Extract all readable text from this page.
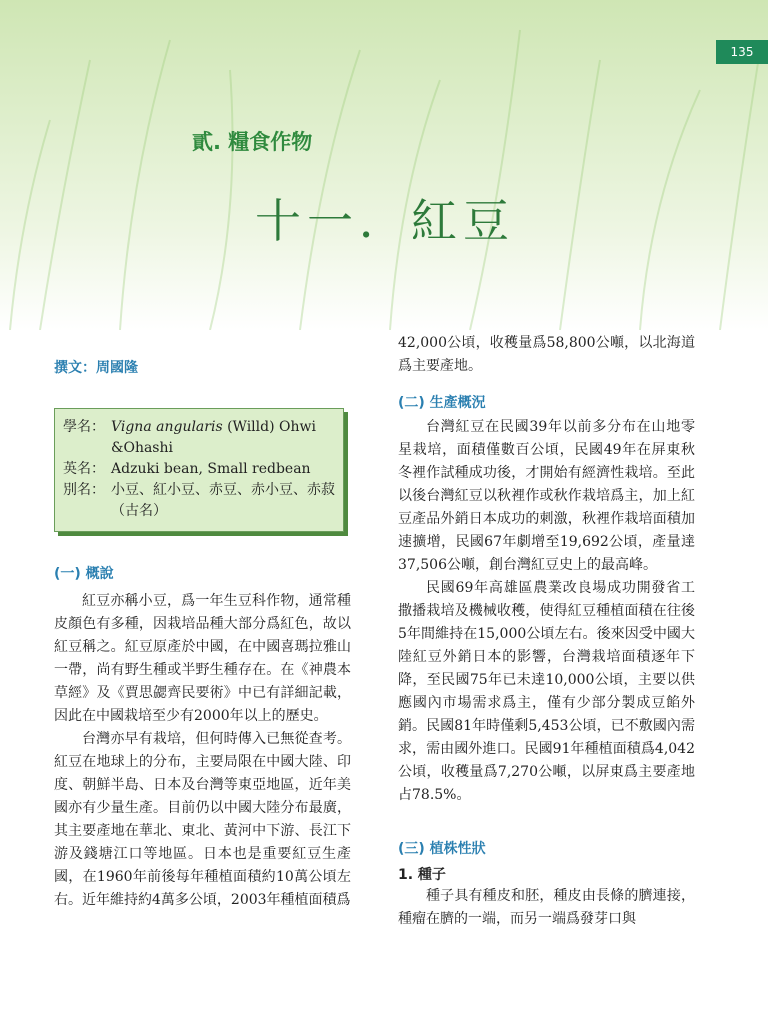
135
貳. 糧食作物
十一．紅豆
撰文：周國隆
學名： Vigna angularis (Willd) Ohwi &Ohashi
英名： Adzuki bean, Small redbean
別名： 小豆、紅小豆、赤豆、赤小豆、赤菽（古名）
(一) 概說

紅豆亦稱小豆，爲一年生豆科作物，通常種皮顏色有多種，因栽培品種大部分爲紅色，故以紅豆稱之。紅豆原產於中國，在中國喜瑪拉雅山一帶，尚有野生種或半野生種存在。在《神農本草經》及《賈思勰齊民要術》中已有詳細記載，因此在中國栽培至少有2000年以上的歷史。

台灣亦早有栽培，但何時傳入已無從查考。紅豆在地球上的分布，主要局限在中國大陸、印度、朝鮮半島、日本及台灣等東亞地區，近年美國亦有少量生產。目前仍以中國大陸分布最廣，其主要產地在華北、東北、黃河中下游、長江下游及錢塘江口等地區。日本也是重要紅豆生產國，在1960年前後每年種植面積約10萬公頃左右。近年維持約4萬多公頃，2003年種植面積爲

42,000公頃，收穫量爲58,800公噸，以北海道爲主要產地。

(二) 生產概況

台灣紅豆在民國39年以前多分布在山地零星栽培，面積僅數百公頃，民國49年在屏東秋冬裡作試種成功後，才開始有經濟性栽培。至此以後台灣紅豆以秋裡作或秋作栽培爲主，加上紅豆產品外銷日本成功的刺激，秋裡作栽培面積加速擴增，民國67年劇增至19,692公頃，產量達37,506公噸，創台灣紅豆史上的最高峰。

民國69年高雄區農業改良場成功開發省工撒播栽培及機械收穫，使得紅豆種植面積在往後5年間維持在15,000公頃左右。後來因受中國大陸紅豆外銷日本的影響，台灣栽培面積逐年下降，至民國75年已未達10,000公頃，主要以供應國內市場需求爲主，僅有少部分製成豆餡外銷。民國81年時僅剩5,453公頃，已不敷國內需求，需由國外進口。民國91年種植面積爲4,042公頃，收穫量爲7,270公噸，以屏東爲主要產地占78.5%。

(三) 植株性狀
1. 種子

種子具有種皮和胚，種皮由長條的臍連接，種瘤在臍的一端，而另一端爲發芽口與
